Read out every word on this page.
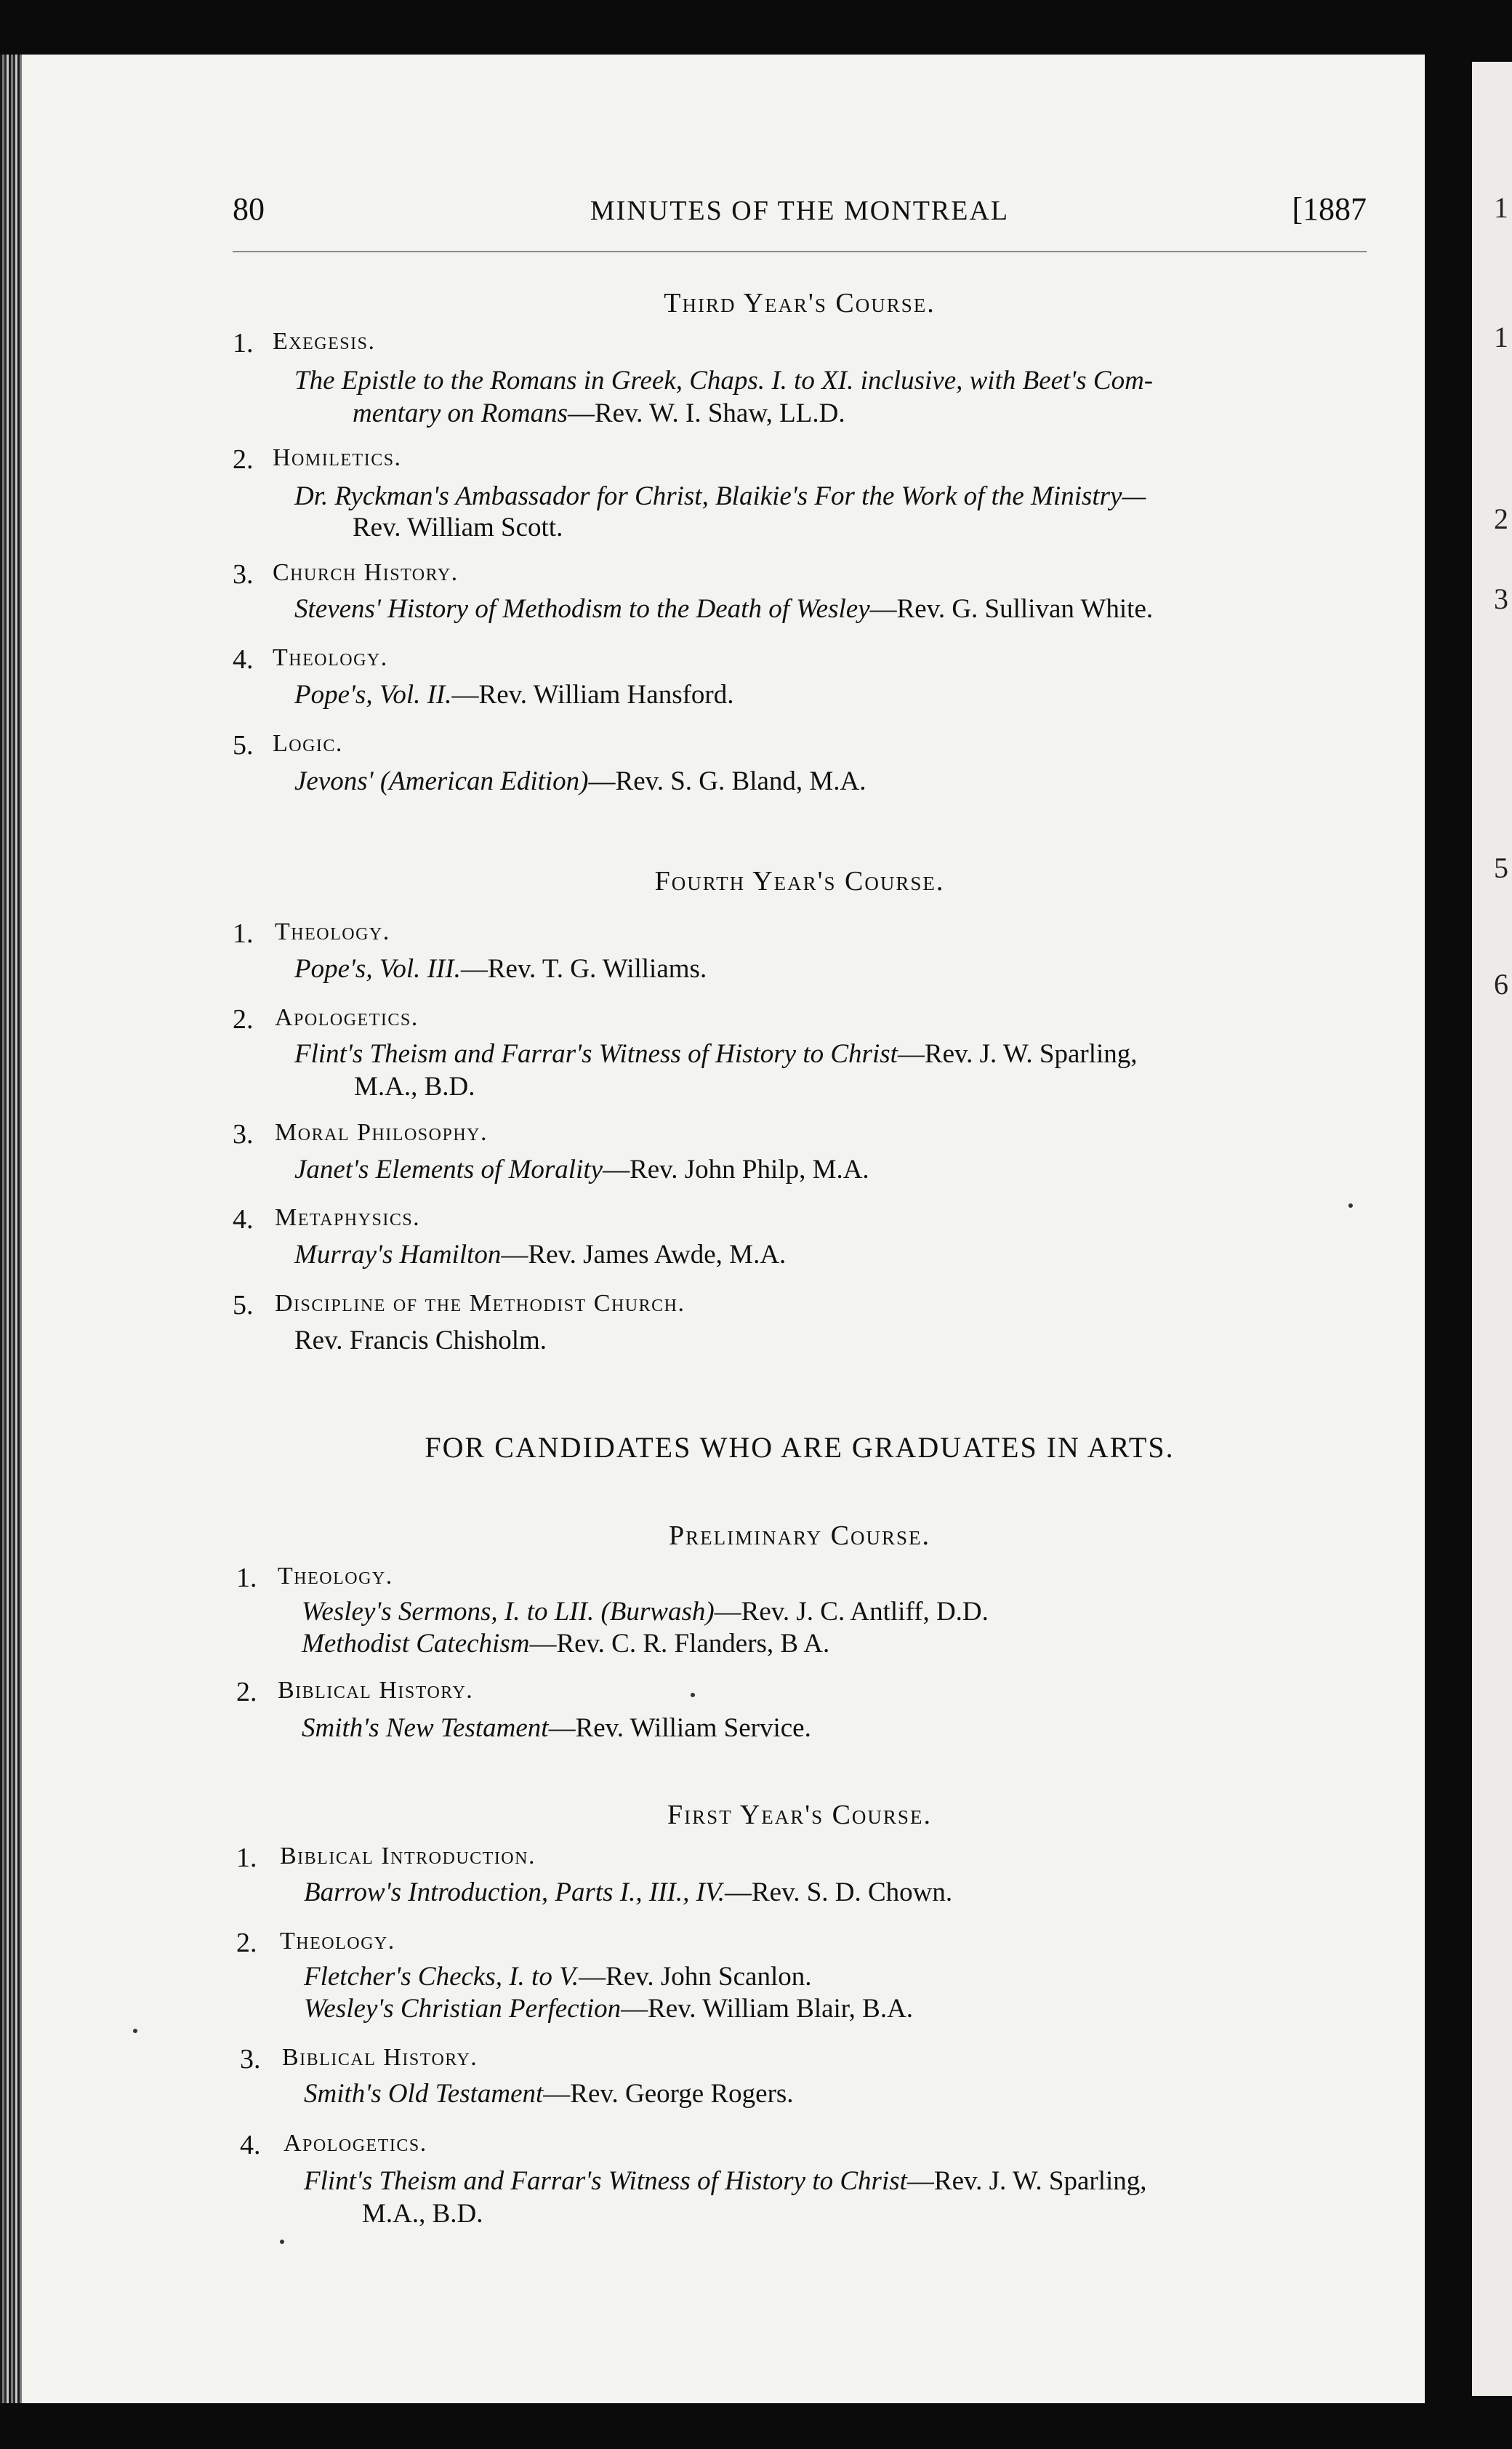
1
1
2
3
5
6
80	MINUTES OF THE MONTREAL	[1887
Third Year's Course.
1. Exegesis.
The Epistle to the Romans in Greek, Chaps. I. to XI. inclusive, with Beet's Com-
mentary on Romans—Rev. W. I. Shaw, LL.D.
2. Homiletics.
Dr. Ryckman's Ambassador for Christ, Blaikie's For the Work of the Ministry—
Rev. William Scott.
3. Church History.
Stevens' History of Methodism to the Death of Wesley—Rev. G. Sullivan White.
4. Theology.
Pope's, Vol. II.—Rev. William Hansford.
5. Logic.
Jevons' (American Edition)—Rev. S. G. Bland, M.A.
Fourth Year's Course.
1. Theology.
Pope's, Vol. III.—Rev. T. G. Williams.
2. Apologetics.
Flint's Theism and Farrar's Witness of History to Christ—Rev. J. W. Sparling,
M.A., B.D.
3. Moral Philosophy.
Janet's Elements of Morality—Rev. John Philp, M.A.
4. Metaphysics.
Murray's Hamilton—Rev. James Awde, M.A.
5. Discipline of the Methodist Church.
Rev. Francis Chisholm.
FOR CANDIDATES WHO ARE GRADUATES IN ARTS.
Preliminary Course.
1. Theology.
Wesley's Sermons, I. to LII. (Burwash)—Rev. J. C. Antliff, D.D.
Methodist Catechism—Rev. C. R. Flanders, B A.
2. Biblical History.
Smith's New Testament—Rev. William Service.
First Year's Course.
1. Biblical Introduction.
Barrow's Introduction, Parts I., III., IV.—Rev. S. D. Chown.
2. Theology.
Fletcher's Checks, I. to V.—Rev. John Scanlon.
Wesley's Christian Perfection—Rev. William Blair, B.A.
3. Biblical History.
Smith's Old Testament—Rev. George Rogers.
4. Apologetics.
Flint's Theism and Farrar's Witness of History to Christ—Rev. J. W. Sparling,
M.A., B.D.
